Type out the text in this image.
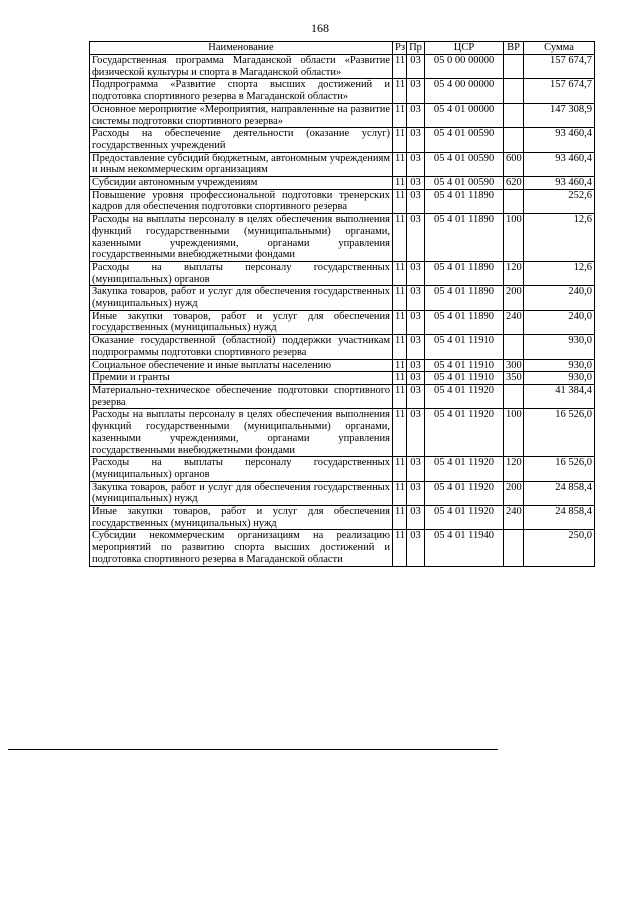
168
Наименование	Рз	Пр	ЦСР	ВР	Сумма
Государственная программа Магаданской области «Развитие физической культуры и спорта в Магаданской области»	11	03	05 0 00 00000		157 674,7
Подпрограмма «Развитие спорта высших достижений и подготовка спортивного резерва в Магаданской области»	11	03	05 4 00 00000		157 674,7
Основное мероприятие «Мероприятия, направленные на развитие системы подготовки спортивного резерва»	11	03	05 4 01 00000		147 308,9
Расходы на обеспечение деятельности (оказание услуг) государственных учреждений	11	03	05 4 01 00590		93 460,4
Предоставление субсидий бюджетным, автономным учреждениям и иным некоммерческим организациям	11	03	05 4 01 00590	600	93 460,4
Субсидии автономным учреждениям	11	03	05 4 01 00590	620	93 460,4
Повышение уровня профессиональной подготовки тренерских кадров для обеспечения подготовки спортивного резерва	11	03	05 4 01 11890		252,6
Расходы на выплаты персоналу в целях обеспечения выполнения функций государственными (муниципальными) органами, казенными учреждениями, органами управления государственными внебюджетными фондами	11	03	05 4 01 11890	100	12,6
Расходы на выплаты персоналу государственных (муниципальных) органов	11	03	05 4 01 11890	120	12,6
Закупка товаров, работ и услуг для обеспечения государственных (муниципальных) нужд	11	03	05 4 01 11890	200	240,0
Иные закупки товаров, работ и услуг для обеспечения государственных (муниципальных) нужд	11	03	05 4 01 11890	240	240,0
Оказание государственной (областной) поддержки участникам подпрограммы подготовки спортивного резерва	11	03	05 4 01 11910		930,0
Социальное обеспечение и иные выплаты населению	11	03	05 4 01 11910	300	930,0
Премии и гранты	11	03	05 4 01 11910	350	930,0
Материально-техническое обеспечение подготовки спортивного резерва	11	03	05 4 01 11920		41 384,4
Расходы на выплаты персоналу в целях обеспечения выполнения функций государственными (муниципальными) органами, казенными учреждениями, органами управления государственными внебюджетными фондами	11	03	05 4 01 11920	100	16 526,0
Расходы на выплаты персоналу государственных (муниципальных) органов	11	03	05 4 01 11920	120	16 526,0
Закупка товаров, работ и услуг для обеспечения государственных (муниципальных) нужд	11	03	05 4 01 11920	200	24 858,4
Иные закупки товаров, работ и услуг для обеспечения государственных (муниципальных) нужд	11	03	05 4 01 11920	240	24 858,4
Субсидии некоммерческим организациям на реализацию мероприятий по развитию спорта высших достижений и подготовка спортивного резерва в Магаданской области	11	03	05 4 01 11940		250,0
